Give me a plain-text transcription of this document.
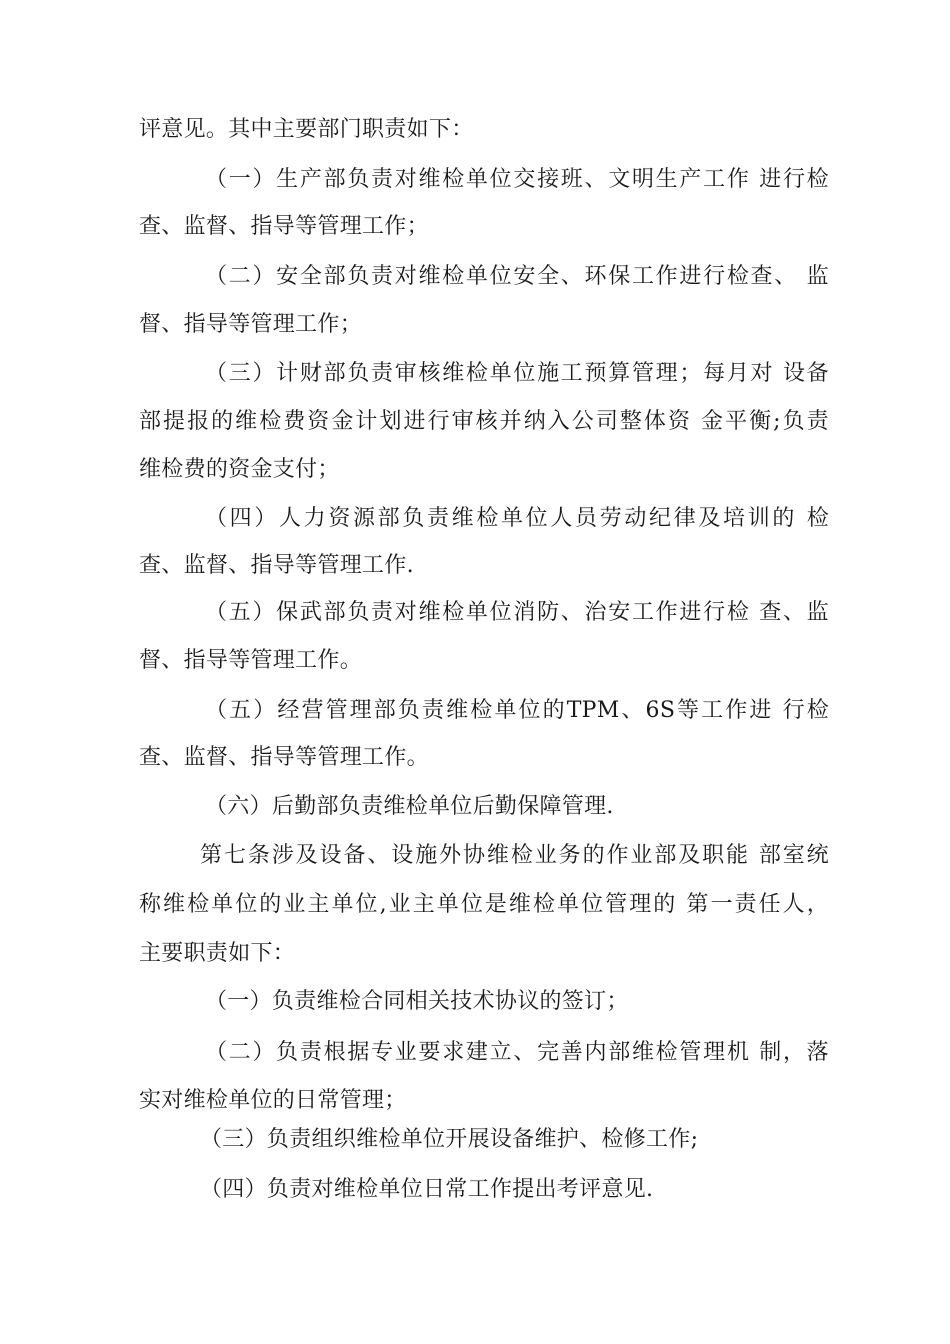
评意见。其中主要部门职责如下：
（一）生产部负责对维检单位交接班、文明生产工作 进行检
查、监督、指导等管理工作；
（二）安全部负责对维检单位安全、环保工作进行检查、 监
督、指导等管理工作；
（三）计财部负责审核维检单位施工预算管理；每月对 设备
部提报的维检费资金计划进行审核并纳入公司整体资 金平衡;负责
维检费的资金支付；
（四）人力资源部负责维检单位人员劳动纪律及培训的 检
查、监督、指导等管理工作.
（五）保武部负责对维检单位消防、治安工作进行检 查、监
督、指导等管理工作。
（五）经营管理部负责维检单位的TPM、6S等工作进 行检
查、监督、指导等管理工作。
（六）后勤部负责维检单位后勤保障管理.
第七条涉及设备、设施外协维检业务的作业部及职能 部室统
称维检单位的业主单位,业主单位是维检单位管理的 第一责任人，
主要职责如下：
（一）负责维检合同相关技术协议的签订；
（二）负责根据专业要求建立、完善内部维检管理机 制，落
实对维检单位的日常管理；
（三）负责组织维检单位开展设备维护、检修工作;
（四）负责对维检单位日常工作提出考评意见.
